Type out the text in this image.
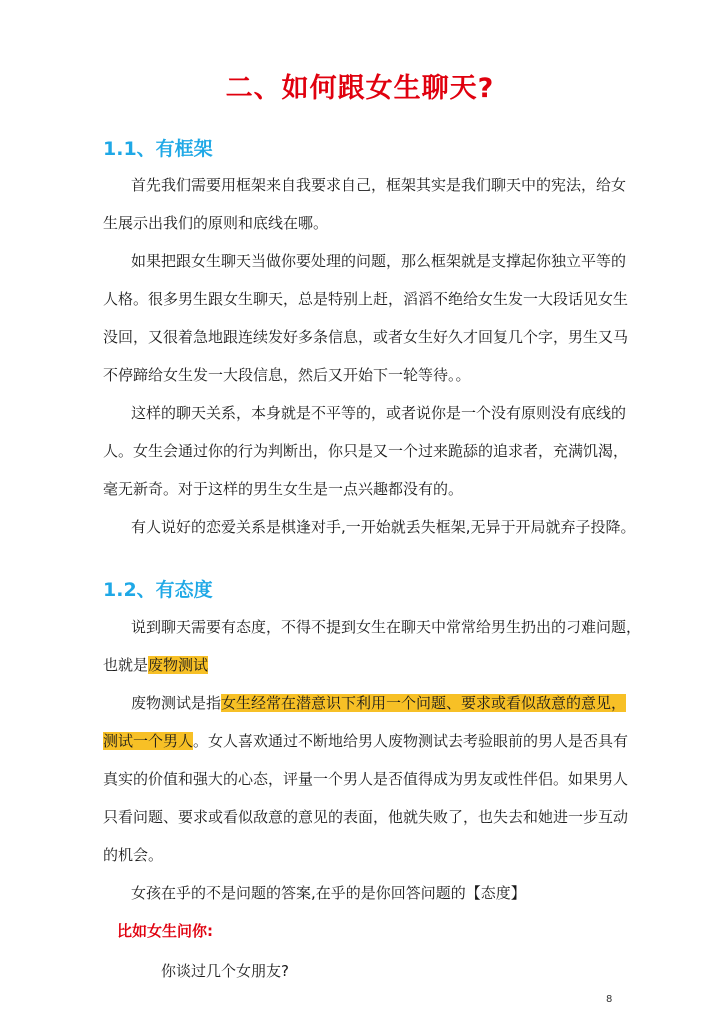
二、如何跟女生聊天?
1.1、有框架
首先我们需要用框架来自我要求自己，框架其实是我们聊天中的宪法，给女
生展示出我们的原则和底线在哪。
如果把跟女生聊天当做你要处理的问题，那么框架就是支撑起你独立平等的
人格。很多男生跟女生聊天，总是特别上赶，滔滔不绝给女生发一大段话见女生
没回，又很着急地跟连续发好多条信息，或者女生好久才回复几个字，男生又马
不停蹄给女生发一大段信息，然后又开始下一轮等待。。
这样的聊天关系，本身就是不平等的，或者说你是一个没有原则没有底线的
人。女生会通过你的行为判断出，你只是又一个过来跪舔的追求者，充满饥渴，
毫无新奇。对于这样的男生女生是一点兴趣都没有的。
有人说好的恋爱关系是棋逢对手,一开始就丢失框架,无异于开局就弃子投降。
1.2、有态度
说到聊天需要有态度，不得不提到女生在聊天中常常给男生扔出的刁难问题，
也就是废物测试
废物测试是指女生经常在潜意识下利用一个问题、要求或看似敌意的意见，
测试一个男人。女人喜欢通过不断地给男人废物测试去考验眼前的男人是否具有
真实的价值和强大的心态，评量一个男人是否值得成为男友或性伴侣。如果男人
只看问题、要求或看似敌意的意见的表面，他就失败了，也失去和她进一步互动
的机会。
女孩在乎的不是问题的答案,在乎的是你回答问题的【态度】
比如女生问你:
你谈过几个女朋友?
8
